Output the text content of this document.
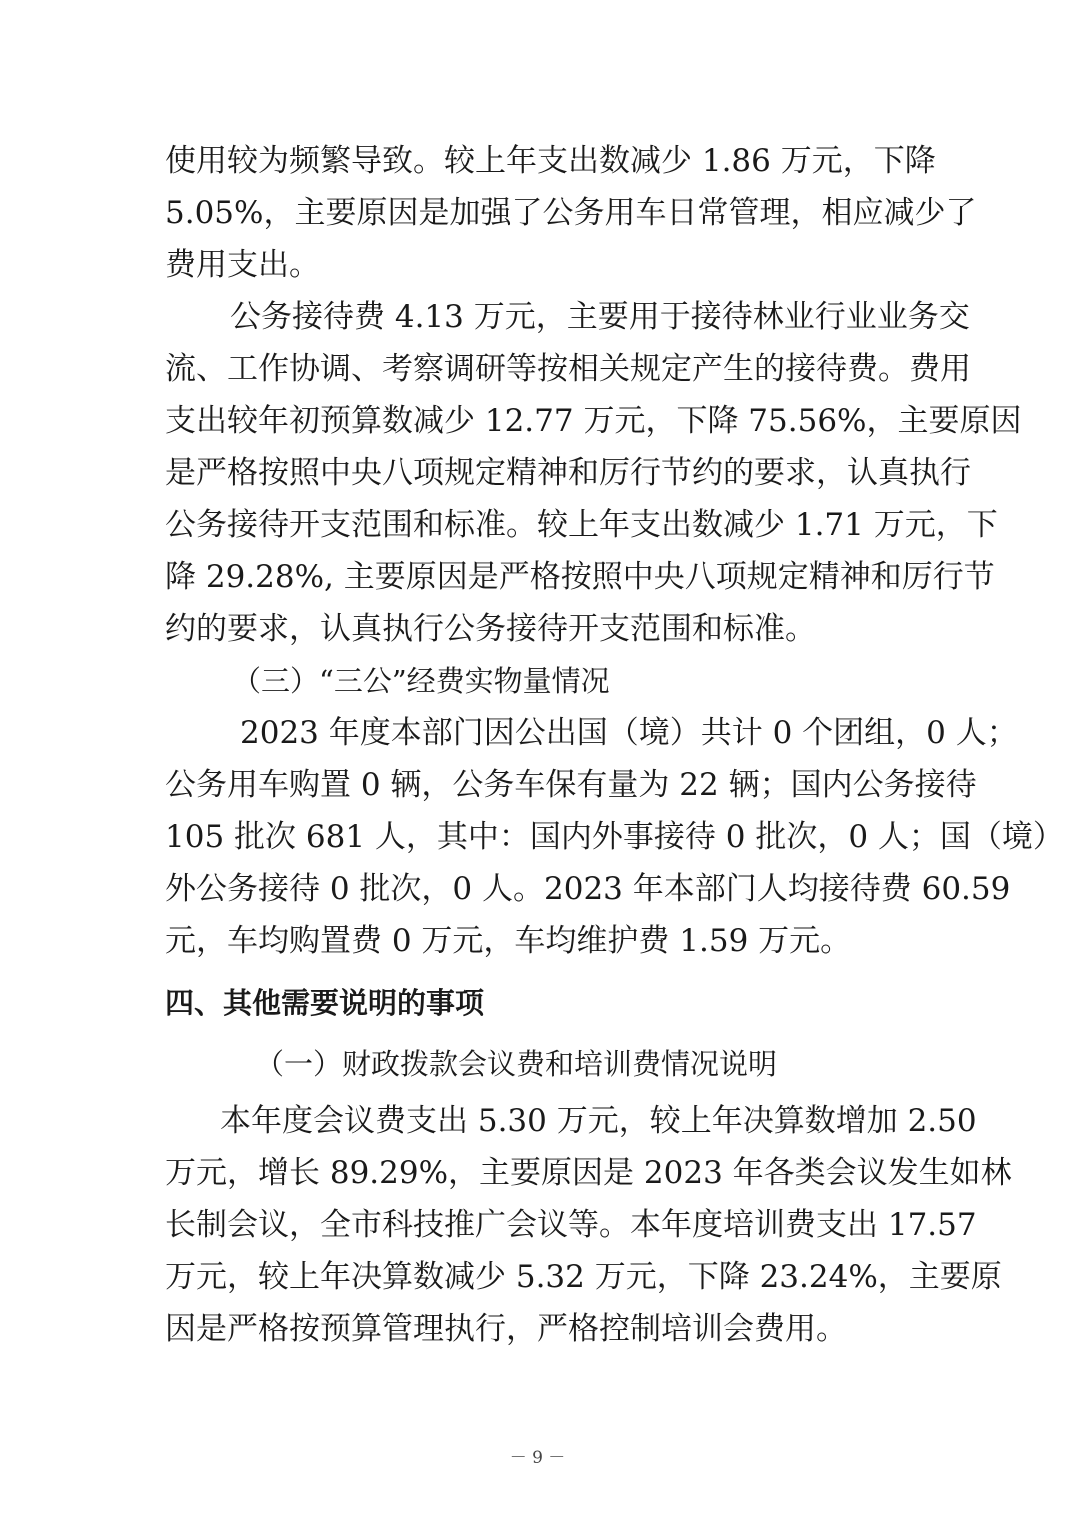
使用较为频繁导致。较上年支出数减少 1.86 万元，下降
5.05%，主要原因是加强了公务用车日常管理，相应减少了
费用支出。
公务接待费 4.13 万元，主要用于接待林业行业业务交
流、工作协调、考察调研等按相关规定产生的接待费。费用
支出较年初预算数减少 12.77 万元，下降 75.56%，主要原因
是严格按照中央八项规定精神和厉行节约的要求，认真执行
公务接待开支范围和标准。较上年支出数减少 1.71 万元，下
降 29.28%, 主要原因是严格按照中央八项规定精神和厉行节
约的要求，认真执行公务接待开支范围和标准。
（三）“三公”经费实物量情况
2023 年度本部门因公出国（境）共计 0 个团组，0 人；
公务用车购置 0 辆，公务车保有量为 22 辆；国内公务接待
105 批次 681 人，其中：国内外事接待 0 批次，0 人；国（境）
外公务接待 0 批次，0 人。2023 年本部门人均接待费 60.59
元，车均购置费 0 万元，车均维护费 1.59 万元。
四、其他需要说明的事项
（一）财政拨款会议费和培训费情况说明
本年度会议费支出 5.30 万元，较上年决算数增加 2.50
万元，增长 89.29%，主要原因是 2023 年各类会议发生如林
长制会议，全市科技推广会议等。本年度培训费支出 17.57
万元，较上年决算数减少 5.32 万元，下降 23.24%，主要原
因是严格按预算管理执行，严格控制培训会费用。
－ 9 －
